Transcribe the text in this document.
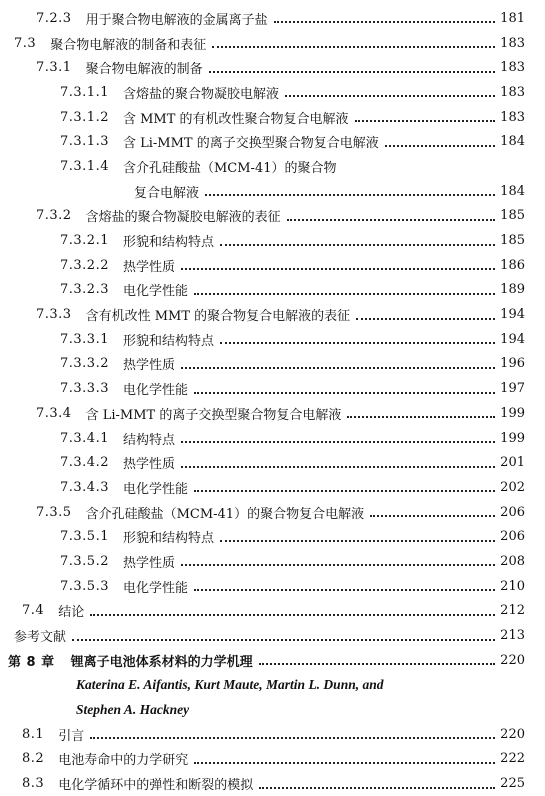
7.2.3 用于聚合物电解液的金属离子盐	181
7.3 聚合物电解液的制备和表征	183
7.3.1 聚合物电解液的制备	183
7.3.1.1 含熔盐的聚合物凝胶电解液	183
7.3.1.2 含 MMT 的有机改性聚合物复合电解液	183
7.3.1.3 含 Li-MMT 的离子交换型聚合物复合电解液	184
7.3.1.4 含介孔硅酸盐（MCM-41）的聚合物
复合电解液	184
7.3.2 含熔盐的聚合物凝胶电解液的表征	185
7.3.2.1 形貌和结构特点	185
7.3.2.2 热学性质	186
7.3.2.3 电化学性能	189
7.3.3 含有机改性 MMT 的聚合物复合电解液的表征	194
7.3.3.1 形貌和结构特点	194
7.3.3.2 热学性质	196
7.3.3.3 电化学性能	197
7.3.4 含 Li-MMT 的离子交换型聚合物复合电解液	199
7.3.4.1 结构特点	199
7.3.4.2 热学性质	201
7.3.4.3 电化学性能	202
7.3.5 含介孔硅酸盐（MCM-41）的聚合物复合电解液	206
7.3.5.1 形貌和结构特点	206
7.3.5.2 热学性质	208
7.3.5.3 电化学性能	210
7.4 结论	212
参考文献	213
第 8 章 锂离子电池体系材料的力学机理	220
Katerina E. Aifantis, Kurt Maute, Martin L. Dunn, and
Stephen A. Hackney
8.1 引言	220
8.2 电池寿命中的力学研究	222
8.3 电化学循环中的弹性和断裂的模拟	225
